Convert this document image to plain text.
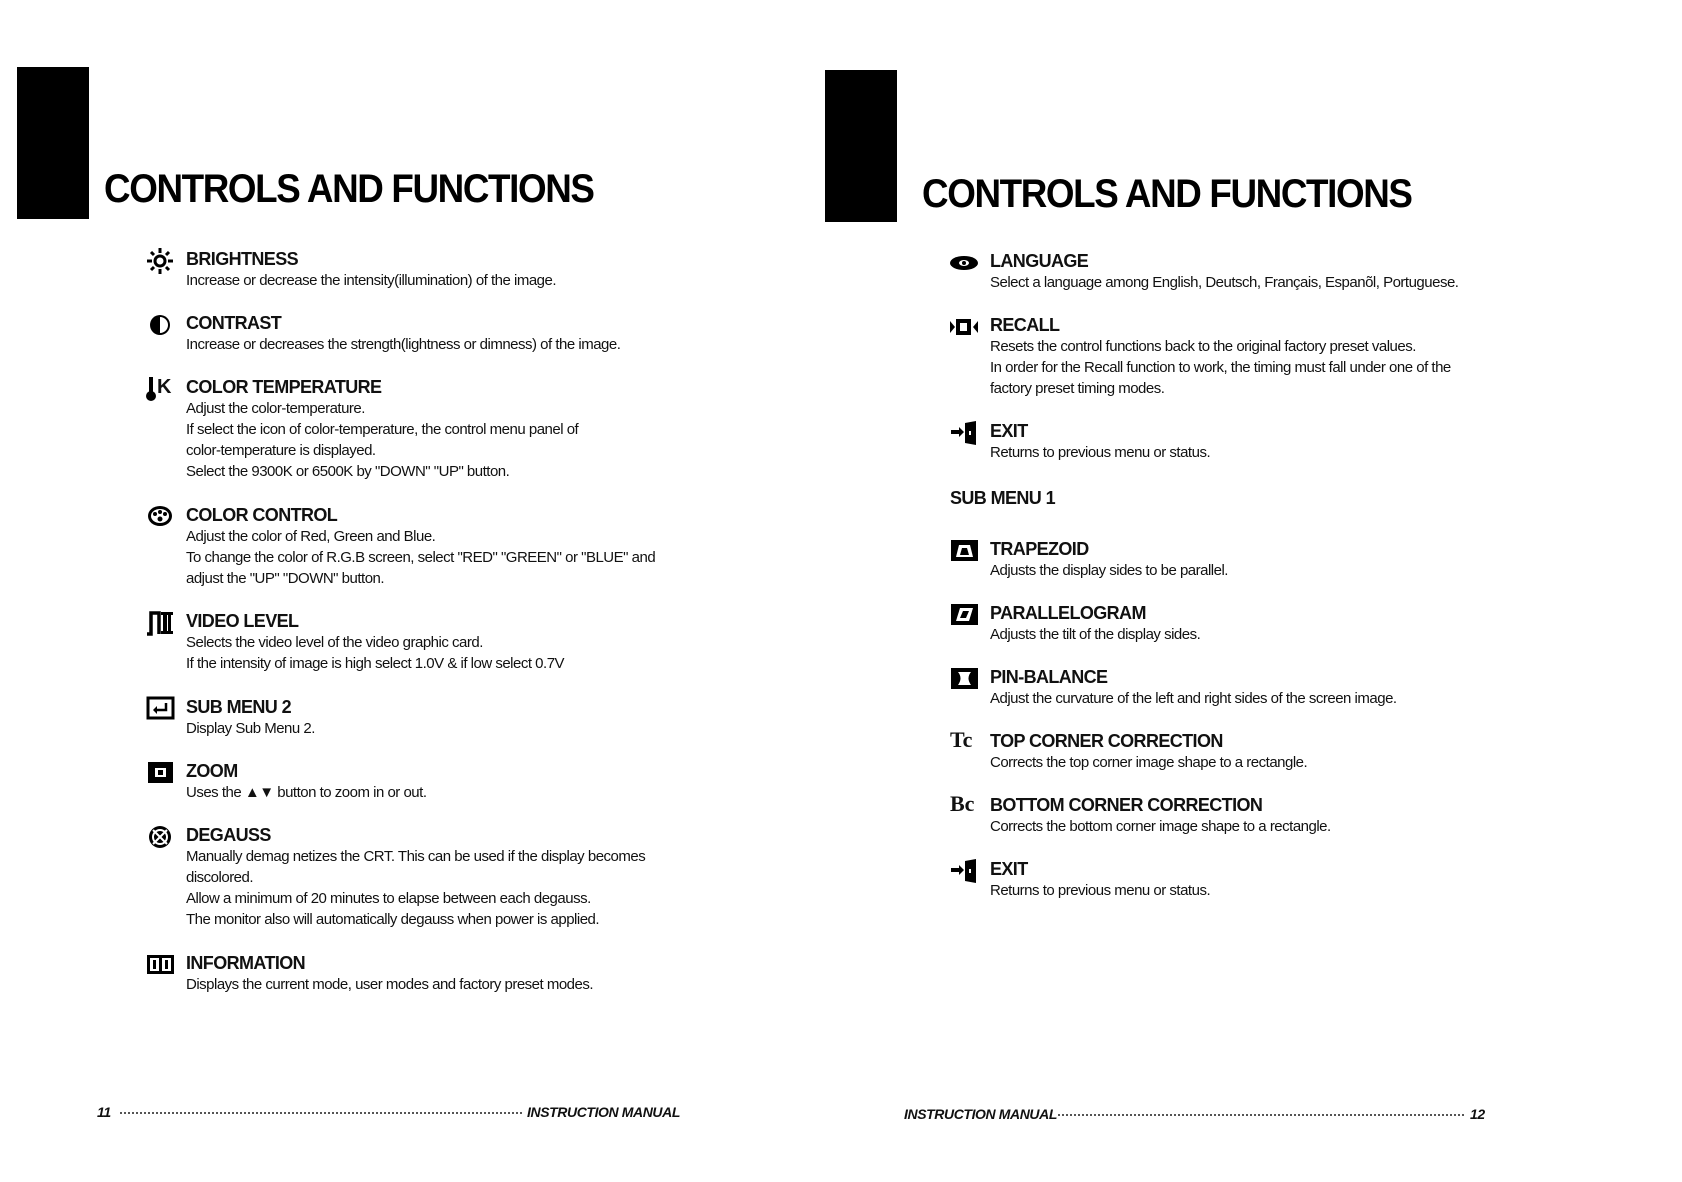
CONTROLS AND FUNCTIONS
BRIGHTNESS
Increase or decrease the intensity(illumination) of the image.
CONTRAST
Increase or decreases the strength(lightness or dimness) of the image.
K COLOR TEMPERATURE
Adjust the color-temperature.
If select the icon of color-temperature, the control menu panel of
color-temperature is displayed.
Select the 9300K or 6500K by "DOWN" "UP" button.
COLOR CONTROL
Adjust the color of Red, Green and Blue.
To change the color of R.G.B screen, select "RED" "GREEN" or "BLUE" and
adjust the "UP" "DOWN" button.
VIDEO LEVEL
Selects the video level of the video graphic card.
If the intensity of image is high select 1.0V & if low select 0.7V
SUB MENU 2
Display Sub Menu 2.
ZOOM
Uses the ▲▼ button to zoom in or out.
DEGAUSS
Manually demag netizes the CRT. This can be used if the display becomes
discolored.
Allow a minimum of 20 minutes to elapse between each degauss.
The monitor also will automatically degauss when power is applied.
INFORMATION
Displays the current mode, user modes and factory preset modes.
11	INSTRUCTION MANUAL
CONTROLS AND FUNCTIONS
LANGUAGE
Select a language among English, Deutsch, Français, Espanõl, Portuguese.
RECALL
Resets the control functions back to the original factory preset values.
In order for the Recall function to work, the timing must fall under one of the
factory preset timing modes.
EXIT
Returns to previous menu or status.
SUB MENU 1
TRAPEZOID
Adjusts the display sides to be parallel.
PARALLELOGRAM
Adjusts the tilt of the display sides.
PIN-BALANCE
Adjust the curvature of the left and right sides of the screen image.
Tc TOP CORNER CORRECTION
Corrects the top corner image shape to a rectangle.
Bc BOTTOM CORNER CORRECTION
Corrects the bottom corner image shape to a rectangle.
EXIT
Returns to previous menu or status.
INSTRUCTION MANUAL	12
